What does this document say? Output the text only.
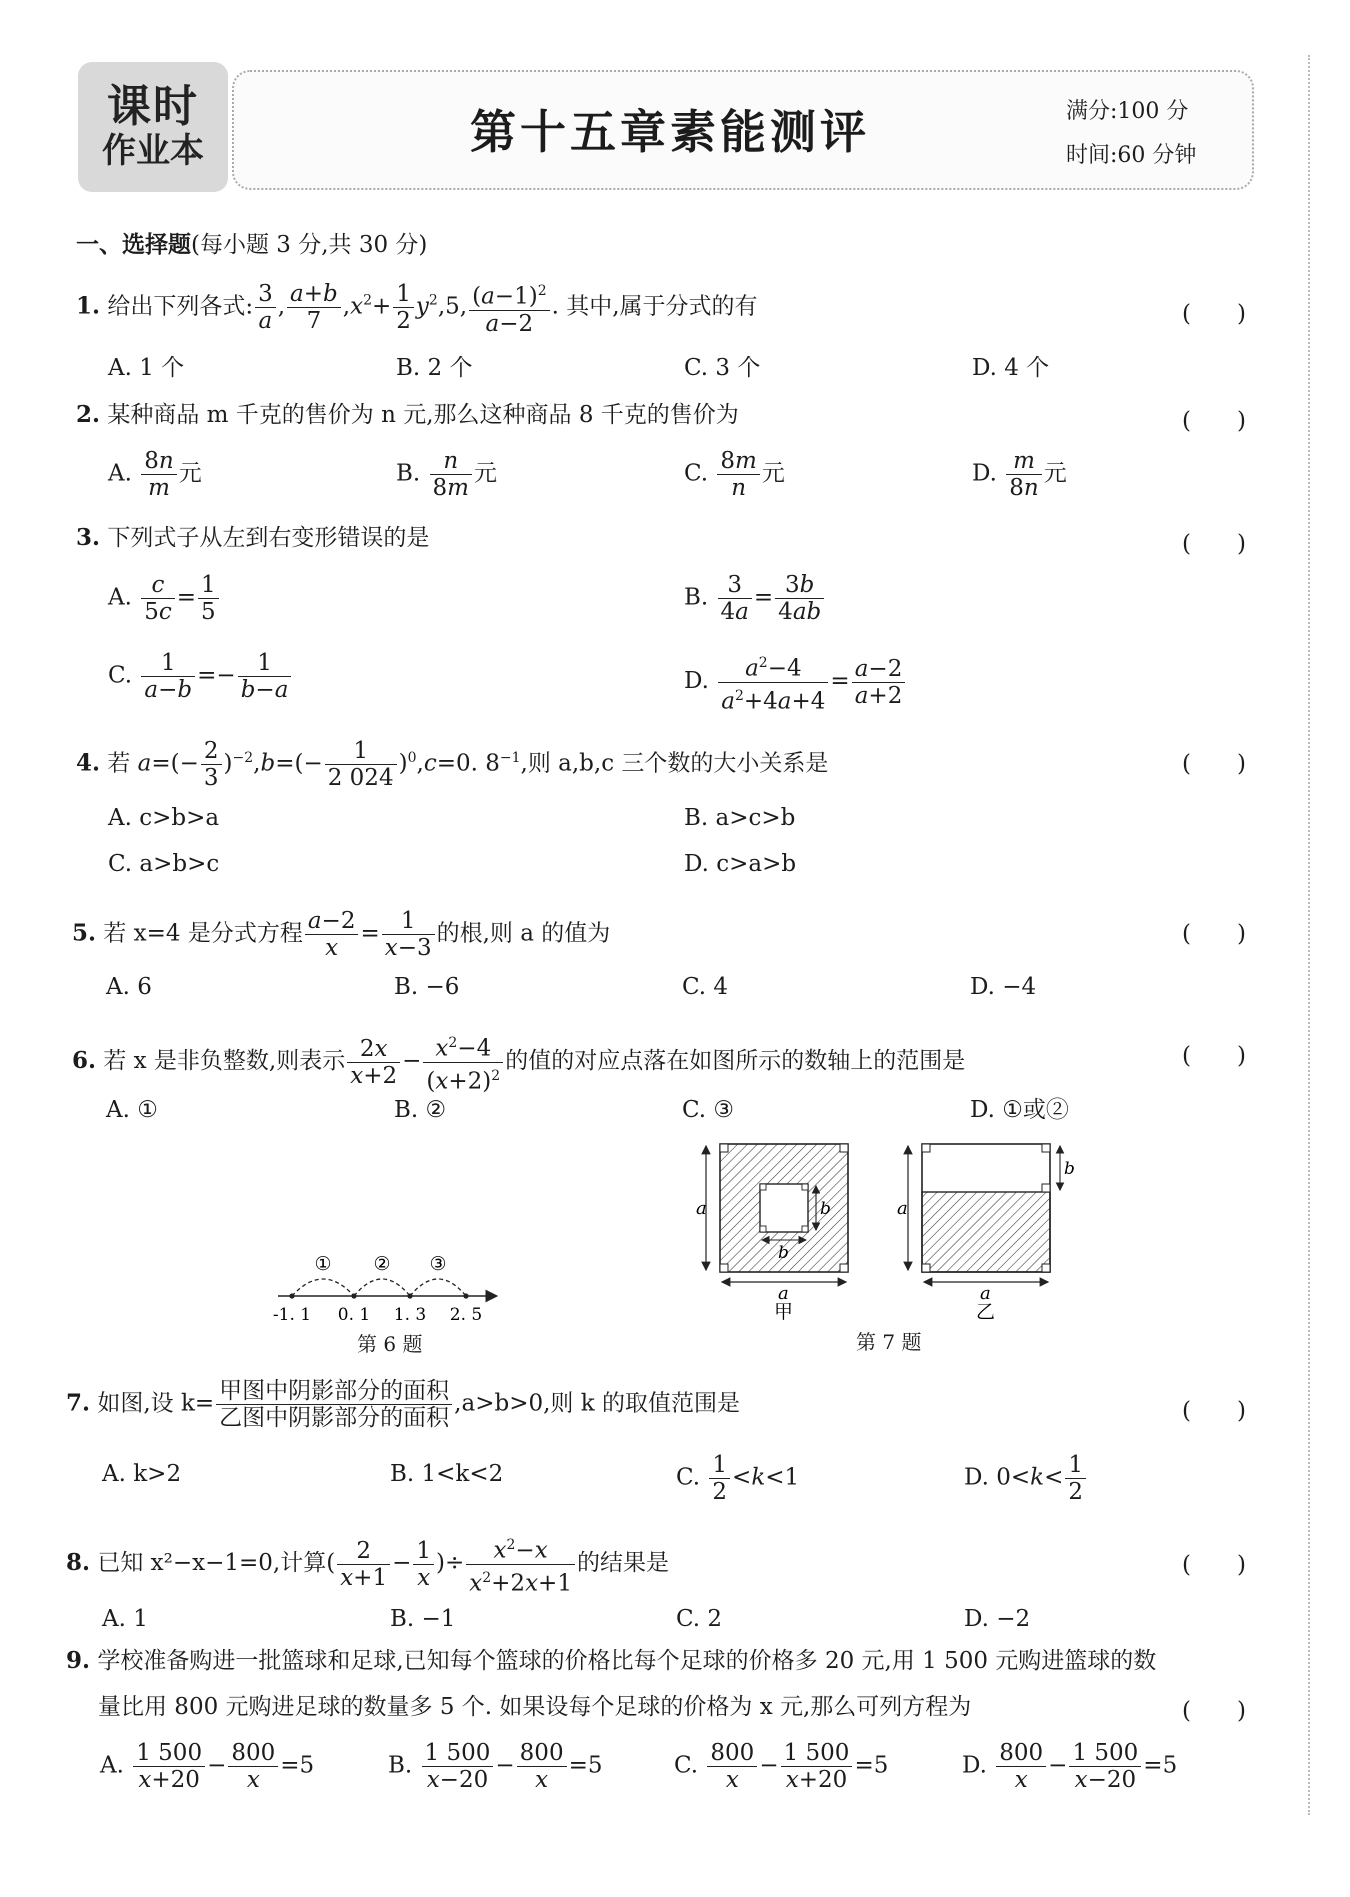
课时
作业本	第十五章素能测评	满分:100 分
时间:60 分钟
一、选择题(每小题 3 分,共 30 分)
1. 给出下列各式: $\frac{3}{a}$ , $\frac{a+b}{7} ,x^2+ \frac{1}{2} y^2,5$, $\frac{(a-1)^2}{a-2}$ . 其中,属于分式的有	(　　)
A. 1 个	B. 2 个	C. 3 个	D. 4 个
2. 某种商品 m 千克的售价为 n 元,那么这种商品 8 千克的售价为	(　　)
A. $\frac{8n}{m}$ 元	B. $\frac{n}{8m}$ 元	C. $\frac{8m}{n}$ 元	D. $\frac{m}{8n}$ 元
3. 下列式子从左到右变形错误的是	(　　)
A. $\frac{c}{5c} = \frac{1}{5}$	B. $\frac{3}{4a} = \frac{3b}{4ab}$
C. $\frac{1}{a-b} =- \frac{1}{b-a}$	D. $\frac{a^2-4}{a^2+4a+4} = \frac{a-2}{a+2}$
4. 若 $a=(- \frac{2}{3} )^{-2},b=(- \frac{1}{2 024} )^0,c=0$. $8^{-1}$,则 a,b,c 三个数的大小关系是	(　　)
A. c>b>a	B. a>c>b
C. a>b>c	D. c>a>b
5. 若 x=4 是分式方程 $\frac{a-2}{x} = \frac{1}{x-3}$ 的根,则 a 的值为	(　　)
A. 6	B. −6	C. 4	D. −4
6. 若 x 是非负整数,则表示 $\frac{2x}{x+2} - \frac{x^2-4}{(x+2)^2}$ 的值的对应点落在如图所示的数轴上的范围是	(　　)
A. ①	B. ②	C. ③	D. ①或②
-1. 1 0. 1 1. 3 2. 5
① ② ③
第 6 题
a
a
b
b
甲
a
a
b
乙
第 7 题
7. 如图,设 $k= \frac{\text{甲图中阴影部分的面积}}{\text{乙图中阴影部分的面积}} ,a>b>0$,则 k 的取值范围是	(　　)
A. k>2	B. 1<k<2	C. $\frac{1}{2} <k<1$	D. $0<k< \frac{1}{2}$
8. 已知 x²−x−1=0,计算( $\frac{2}{x+1} - \frac{1}{x}$ )÷ $\frac{x^2-x}{x^2+2x+1}$ 的结果是	(　　)
A. 1	B. −1	C. 2	D. −2
9. 学校准备购进一批篮球和足球,已知每个篮球的价格比每个足球的价格多 20 元,用 1 500 元购进篮球的数
量比用 800 元购进足球的数量多 5 个. 如果设每个足球的价格为 x 元,那么可列方程为	(　　)
A. $\frac{1 500}{x+20} - \frac{800}{x} =5$	B. $\frac{1 500}{x-20} - \frac{800}{x} =5$	C. $\frac{800}{x} - \frac{1 500}{x+20} =5$	D. $\frac{800}{x} - \frac{1 500}{x-20} =5$
